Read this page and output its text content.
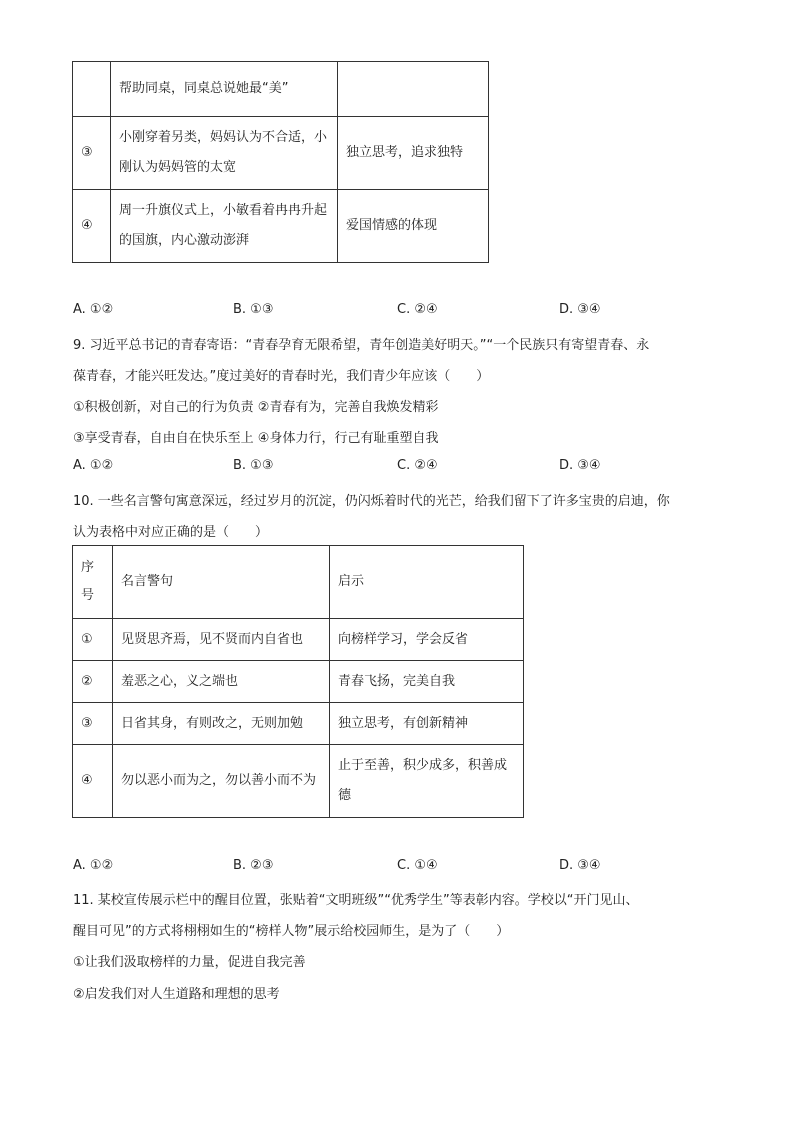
	帮助同桌，同桌总说她最“美”	
③	小刚穿着另类，妈妈认为不合适，小刚认为妈妈管的太宽	独立思考，追求独特
④	周一升旗仪式上，小敏看着冉冉升起的国旗，内心激动澎湃	爱国情感的体现
A. ①②	B. ①③	C. ②④	D. ③④
9. 习近平总书记的青春寄语：“青春孕育无限希望，青年创造美好明天。”“一个民族只有寄望青春、永
葆青春，才能兴旺发达。”度过美好的青春时光，我们青少年应该（　　）
①积极创新，对自己的行为负责 ②青春有为，完善自我焕发精彩
③享受青春，自由自在快乐至上 ④身体力行，行己有耻重塑自我
A. ①②	B. ①③	C. ②④	D. ③④
10. 一些名言警句寓意深远，经过岁月的沉淀，仍闪烁着时代的光芒，给我们留下了许多宝贵的启迪，你
认为表格中对应正确的是（　　）
序号	名言警句	启示
①	见贤思齐焉，见不贤而内自省也	向榜样学习，学会反省
②	羞恶之心，义之端也	青春飞扬，完美自我
③	日省其身，有则改之，无则加勉	独立思考，有创新精神
④	勿以恶小而为之，勿以善小而不为	止于至善，积少成多，积善成德
A. ①②	B. ②③	C. ①④	D. ③④
11. 某校宣传展示栏中的醒目位置，张贴着“文明班级”“优秀学生”等表彰内容。学校以“开门见山、
醒目可见”的方式将栩栩如生的“榜样人物”展示给校园师生，是为了（　　）
①让我们汲取榜样的力量，促进自我完善
②启发我们对人生道路和理想的思考
